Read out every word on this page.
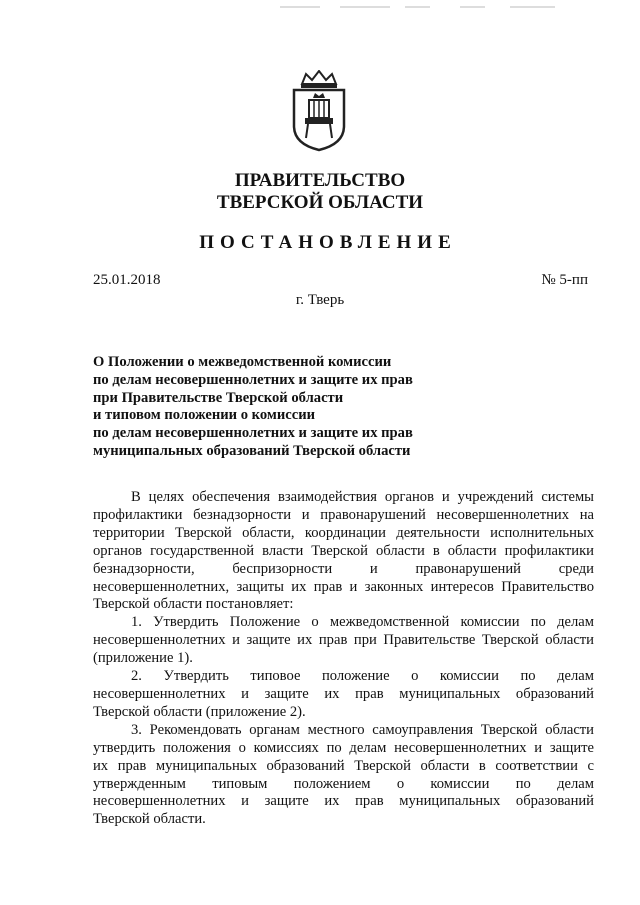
ПРАВИТЕЛЬСТВО
ТВЕРСКОЙ ОБЛАСТИ
ПОСТАНОВЛЕНИЕ
25.01.2018	№ 5-пп
г. Тверь
О Положении о межведомственной комиссии
по делам несовершеннолетних и защите их прав
при Правительстве Тверской области
и типовом положении о комиссии
по делам несовершеннолетних и защите их прав
муниципальных образований Тверской области
В целях обеспечения взаимодействия органов и учреждений системы
профилактики безнадзорности и правонарушений несовершеннолетних на
территории Тверской области, координации деятельности исполнительных
органов государственной власти Тверской области в области профилактики
безнадзорности, беспризорности и правонарушений среди
несовершеннолетних, защиты их прав и законных интересов Правительство
Тверской области постановляет:
1. Утвердить Положение о межведомственной комиссии по делам
несовершеннолетних и защите их прав при Правительстве Тверской области
(приложение 1).
2. Утвердить типовое положение о комиссии по делам
несовершеннолетних и защите их прав муниципальных образований
Тверской области (приложение 2).
3. Рекомендовать органам местного самоуправления Тверской области
утвердить положения о комиссиях по делам несовершеннолетних и защите
их прав муниципальных образований Тверской области в соответствии с
утвержденным типовым положением о комиссии по делам
несовершеннолетних и защите их прав муниципальных образований
Тверской области.
